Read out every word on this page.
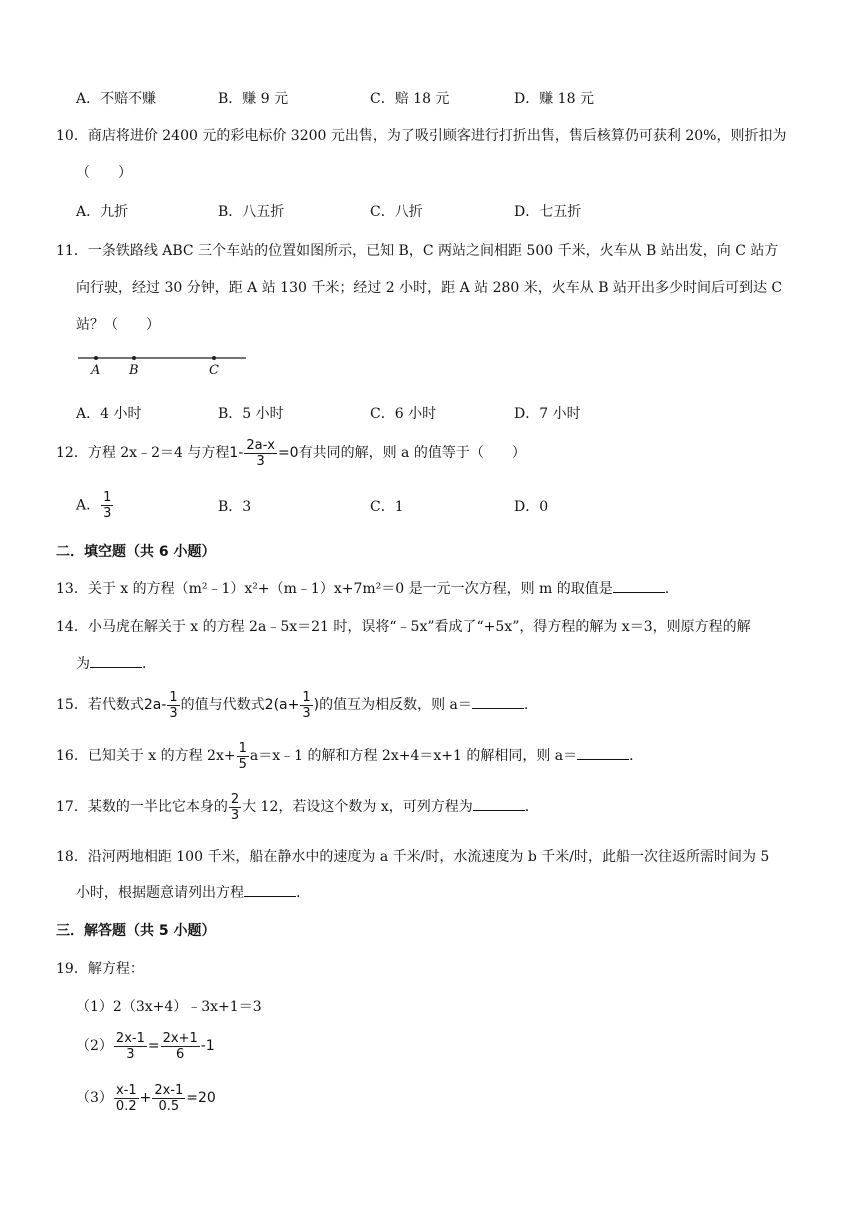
A．不赔不赚	B．赚 9 元	C．赔 18 元	D．赚 18 元
10．商店将进价 2400 元的彩电标价 3200 元出售，为了吸引顾客进行打折出售，售后核算仍可获利 20%，则折扣为
（　　）
A．九折	B．八五折	C．八折	D．七五折
11．一条铁路线 ABC 三个车站的位置如图所示，已知 B，C 两站之间相距 500 千米，火车从 B 站出发，向 C 站方
向行驶，经过 30 分钟，距 A 站 130 千米；经过 2 小时，距 A 站 280 米，火车从 B 站开出多少时间后可到达 C
站？（　　）
A B	C
A．4 小时	B．5 小时	C．6 小时	D．7 小时
12．方程 2x﹣2＝4 与方程$1- \frac{2a-x}{3} =0$有共同的解，则 a 的值等于（　　）
A． $\frac{1}{3}$	B．3	C．1	D．0
二．填空题（共 6 小题）
13．关于 x 的方程（m²﹣1）x²+（m﹣1）x+7m²＝0 是一元一次方程，则 m 的取值是	.
14．小马虎在解关于 x 的方程 2a﹣5x＝21 时，误将“﹣5x”看成了“+5x”，得方程的解为 x＝3，则原方程的解
为	.
15．若代数式$2a- \frac{1}{3}$ 的值与代数式$2(a+ \frac{1}{3}$ )的值互为相反数，则 a＝	.
16．已知关于 x 的方程 $2x+ \frac{1}{5}$ a＝x﹣1 的解和方程 2x+4＝x+1 的解相同，则 a＝	.
17．某数的一半比它本身的 $\frac{2}{3}$ 大 12，若设这个数为 x，可列方程为	.
18．沿河两地相距 100 千米，船在静水中的速度为 a 千米/时，水流速度为 b 千米/时，此船一次往返所需时间为 5
小时，根据题意请列出方程	.
三．解答题（共 5 小题）
19．解方程：
（1）2（3x+4）﹣3x+1＝3
$(2) \frac{2x-1}{3} = \frac{2x+1}{6} -1$
$(3) \frac{x-1}{0.2} + \frac{2x-1}{0.5} =20$
